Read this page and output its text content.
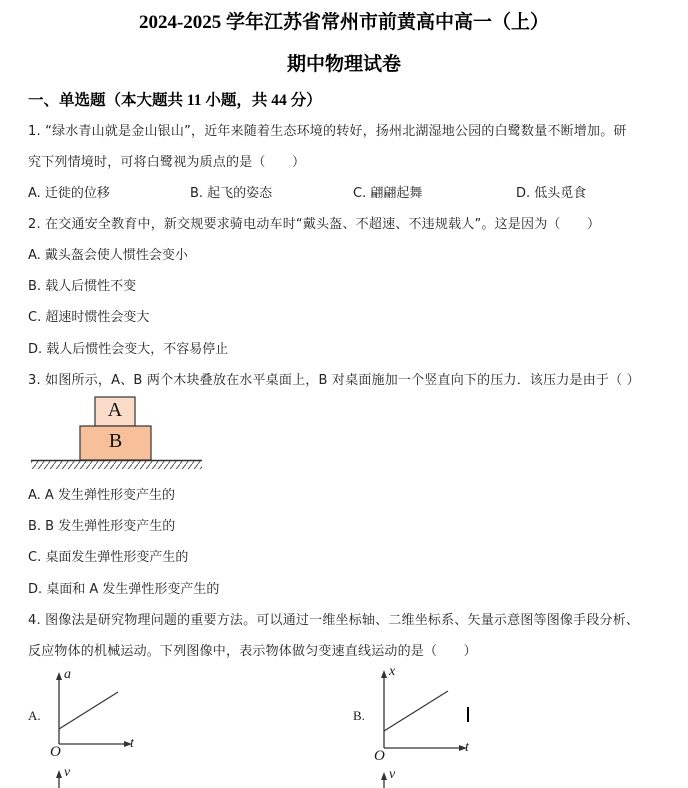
2024-2025 学年江苏省常州市前黄高中高一（上）
期中物理试卷
一、单选题（本大题共 11 小题，共 44 分）
1. “绿水青山就是金山银山”，近年来随着生态环境的转好，扬州北湖湿地公园的白鹭数量不断增加。研
究下列情境时，可将白鹭视为质点的是（　　）
A. 迁徙的位移	B. 起飞的姿态	C. 翩翩起舞	D. 低头觅食
2. 在交通安全教育中，新交规要求骑电动车时“戴头盔、不超速、不违规载人”。这是因为（　　）
A. 戴头盔会使人惯性会变小
B. 载人后惯性不变
C. 超速时惯性会变大
D. 载人后惯性会变大，不容易停止
3. 如图所示，A、B 两个木块叠放在水平桌面上，B 对桌面施加一个竖直向下的压力．该压力是由于（ ）
A
B
A. A 发生弹性形变产生的
B. B 发生弹性形变产生的
C. 桌面发生弹性形变产生的
D. 桌面和 A 发生弹性形变产生的
4. 图像法是研究物理问题的重要方法。可以通过一维坐标轴、二维坐标系、矢量示意图等图像手段分析、
反应物体的机械运动。下列图像中，表示物体做匀变速直线运动的是（　　）
A.
a
t
O
v
B.
x
t
O
v
